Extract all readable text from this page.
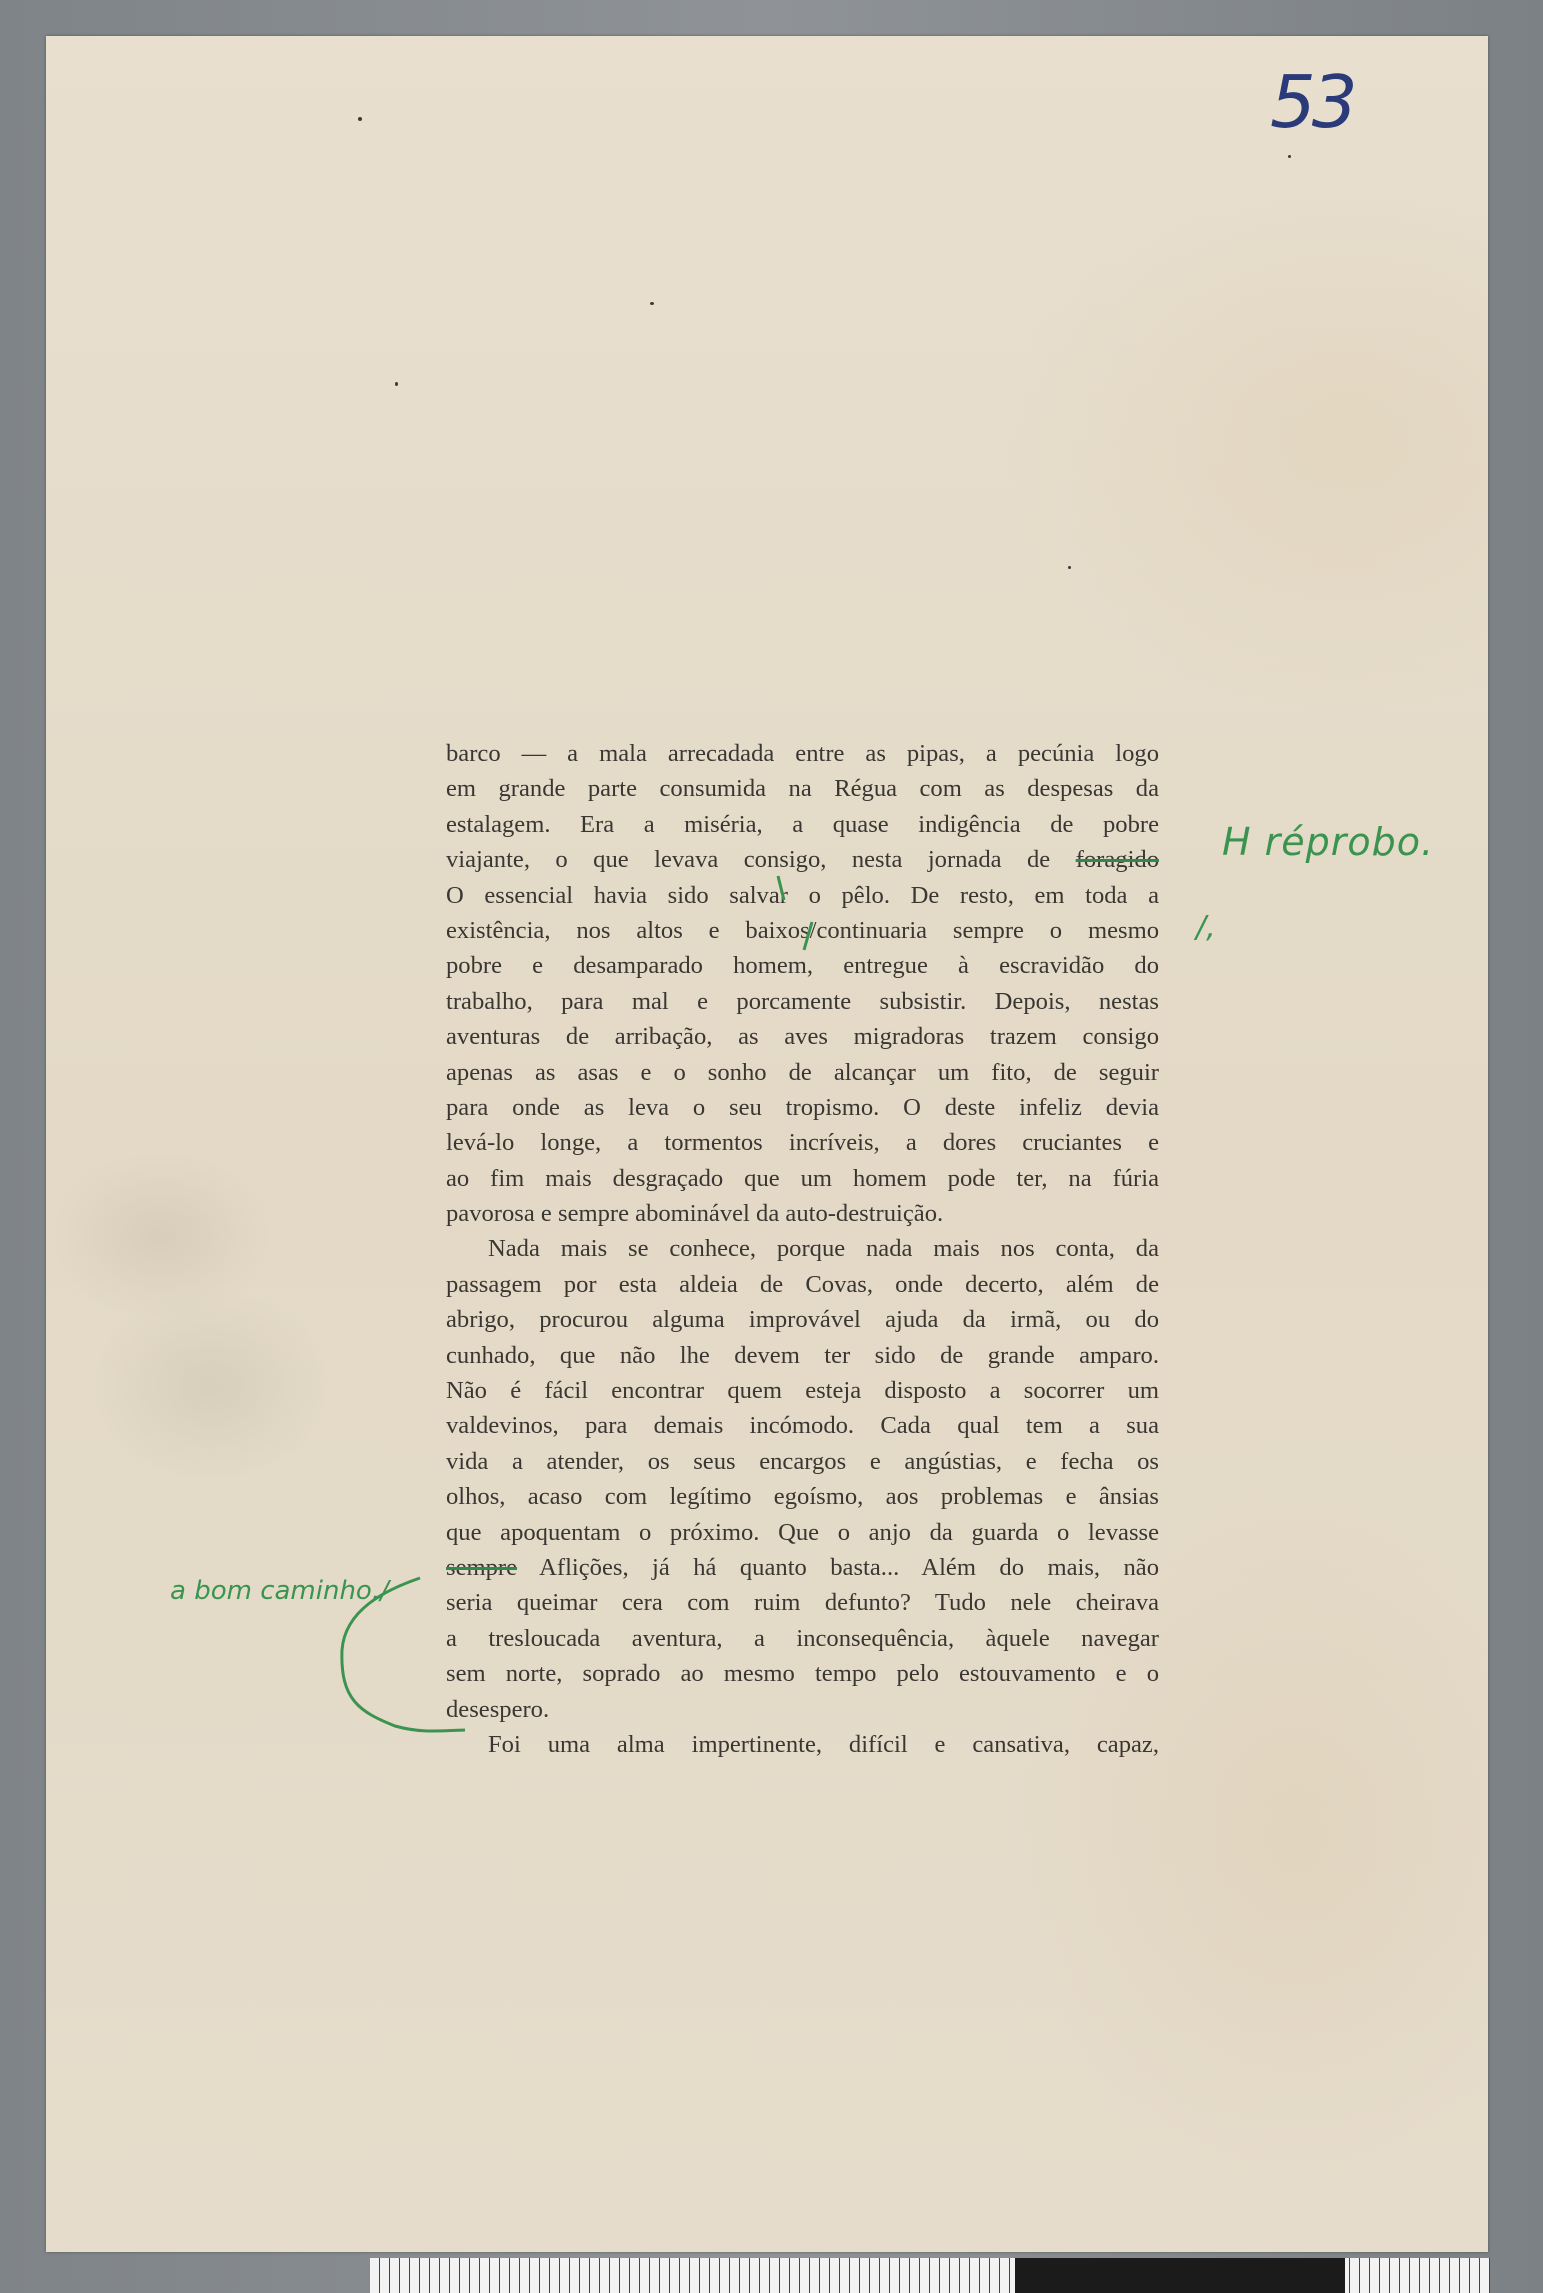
53
barco — a mala arrecadada entre as pipas, a pecúnia logo
em grande parte consumida na Régua com as despesas da
estalagem. Era a miséria, a quase indigência de pobre
viajante, o que levava consigo, nesta jornada de foragido
O essencial havia sido salvar o pêlo. De resto, em toda a
existência, nos altos e baixos/continuaria sempre o mesmo
pobre e desamparado homem, entregue à escravidão do
trabalho, para mal e porcamente subsistir. Depois, nestas
aventuras de arribação, as aves migradoras trazem consigo
apenas as asas e o sonho de alcançar um fito, de seguir
para onde as leva o seu tropismo. O deste infeliz devia
levá-lo longe, a tormentos incríveis, a dores cruciantes e
ao fim mais desgraçado que um homem pode ter, na fúria
pavorosa e sempre abominável da auto-destruição.
Nada mais se conhece, porque nada mais nos conta, da
passagem por esta aldeia de Covas, onde decerto, além de
abrigo, procurou alguma improvável ajuda da irmã, ou do
cunhado, que não lhe devem ter sido de grande amparo.
Não é fácil encontrar quem esteja disposto a socorrer um
valdevinos, para demais incómodo. Cada qual tem a sua
vida a atender, os seus encargos e angústias, e fecha os
olhos, acaso com legítimo egoísmo, aos problemas e ânsias
que apoquentam o próximo. Que o anjo da guarda o levasse
sempre Aflições, já há quanto basta... Além do mais, não
seria queimar cera com ruim defunto? Tudo nele cheirava
a tresloucada aventura, a inconsequência, àquele navegar
sem norte, soprado ao mesmo tempo pelo estouvamento e o
desespero.
Foi uma alma impertinente, difícil e cansativa, capaz,
H réprobo.
/,
a bom caminho./
